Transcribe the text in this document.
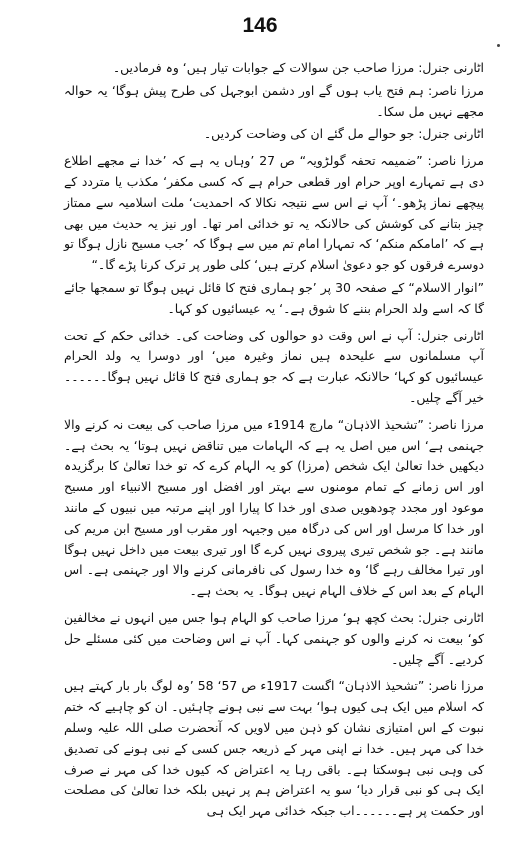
146

اٹارنی جنرل: مرزا صاحب جن سوالات کے جوابات تیار ہیں‘ وہ فرمادیں۔

مرزا ناصر: ہم فتح یاب ہوں گے اور دشمن ابوجہل کی طرح پیش ہوگا‘ یہ حوالہ مجھے نہیں مل سکا۔

اٹارنی جنرل: جو حوالے مل گئے ان کی وضاحت کردیں۔

مرزا ناصر: ”ضمیمہ تحفہ گولڑویہ“ ص 27 ’وہاں یہ ہے کہ ’خدا نے مجھے اطلاع دی ہے تمہارے اوپر حرام اور قطعی حرام ہے کہ کسی مکفر‘ مکذب یا متردد کے پیچھے نماز پڑھو۔‘ آپ نے اس سے نتیجہ نکالا کہ احمدیت‘ ملت اسلامیہ سے ممتاز چیز بتانے کی کوشش کی حالانکہ یہ تو خدائی امر تھا۔ اور نیز یہ حدیث میں بھی ہے کہ ’امامکم منکم‘ کہ تمہارا امام تم میں سے ہوگا کہ ’جب مسیح نازل ہوگا تو دوسرے فرقوں کو جو دعویٰ اسلام کرتے ہیں‘ کلی طور پر ترک کرنا پڑے گا۔“

”انوار الاسلام“ کے صفحہ 30 پر ’جو ہماری فتح کا قائل نہیں ہوگا تو سمجھا جائے گا کہ اسے ولد الحرام بننے کا شوق ہے۔‘ یہ عیسائیوں کو کہا۔

اٹارنی جنرل: آپ نے اس وقت دو حوالوں کی وضاحت کی۔ خدائی حکم کے تحت آپ مسلمانوں سے علیحدہ ہیں نماز وغیرہ میں‘ اور دوسرا یہ ولد الحرام عیسائیوں کو کہا‘ حالانکہ عبارت ہے کہ جو ہماری فتح کا قائل نہیں ہوگا۔۔۔۔۔۔خیر آگے چلیں۔

مرزا ناصر: ”تشحیذ الاذہان“ مارچ 1914ء میں مرزا صاحب کی بیعت نہ کرنے والا جہنمی ہے‘ اس میں اصل یہ ہے کہ الہامات میں تناقض نہیں ہوتا‘ یہ بحث ہے۔ دیکھیں خدا تعالیٰ ایک شخص (مرزا) کو یہ الہام کرے کہ تو خدا تعالیٰ کا برگزیدہ اور اس زمانے کے تمام مومنوں سے بہتر اور افضل اور مسیح الانبیاء اور مسیح موعود اور مجدد چودھویں صدی اور خدا کا پیارا اور اپنے مرتبہ میں نبیوں کے مانند اور خدا کا مرسل اور اس کی درگاہ میں وجیہہ اور مقرب اور مسیح ابن مریم کی مانند ہے۔ جو شخص تیری پیروی نہیں کرے گا اور تیری بیعت میں داخل نہیں ہوگا اور تیرا مخالف رہے گا‘ وہ خدا رسول کی نافرمانی کرنے والا اور جہنمی ہے۔ اس الہام کے بعد اس کے خلاف الہام نہیں ہوگا۔ یہ بحث ہے۔

اٹارنی جنرل: بحث کچھ ہو‘ مرزا صاحب کو الہام ہوا جس میں انہوں نے مخالفین کو‘ بیعت نہ کرنے والوں کو جہنمی کہا۔ آپ نے اس وضاحت میں کئی مسئلے حل کردیے۔ آگے چلیں۔

مرزا ناصر: ”تشحیذ الاذہان“ اگست 1917ء ص 57‘ 58 ’وہ لوگ بار بار کہتے ہیں کہ اسلام میں ایک ہی کیوں ہوا‘ بہت سے نبی ہونے چاہئیں۔ ان کو چاہیے کہ ختم نبوت کے اس امتیازی نشان کو ذہن میں لاویں کہ آنحضرت صلی اللہ علیہ وسلم خدا کی مہر ہیں۔ خدا نے اپنی مہر کے ذریعہ جس کسی کے نبی ہونے کی تصدیق کی وہی نبی ہوسکتا ہے۔ باقی رہا یہ اعتراض کہ کیوں خدا کی مہر نے صرف ایک ہی کو نبی قرار دیا‘ سو یہ اعتراض ہم پر نہیں بلکہ خدا تعالیٰ کی مصلحت اور حکمت پر ہے۔۔۔۔۔۔اب جبکہ خدائی مہر ایک ہی
